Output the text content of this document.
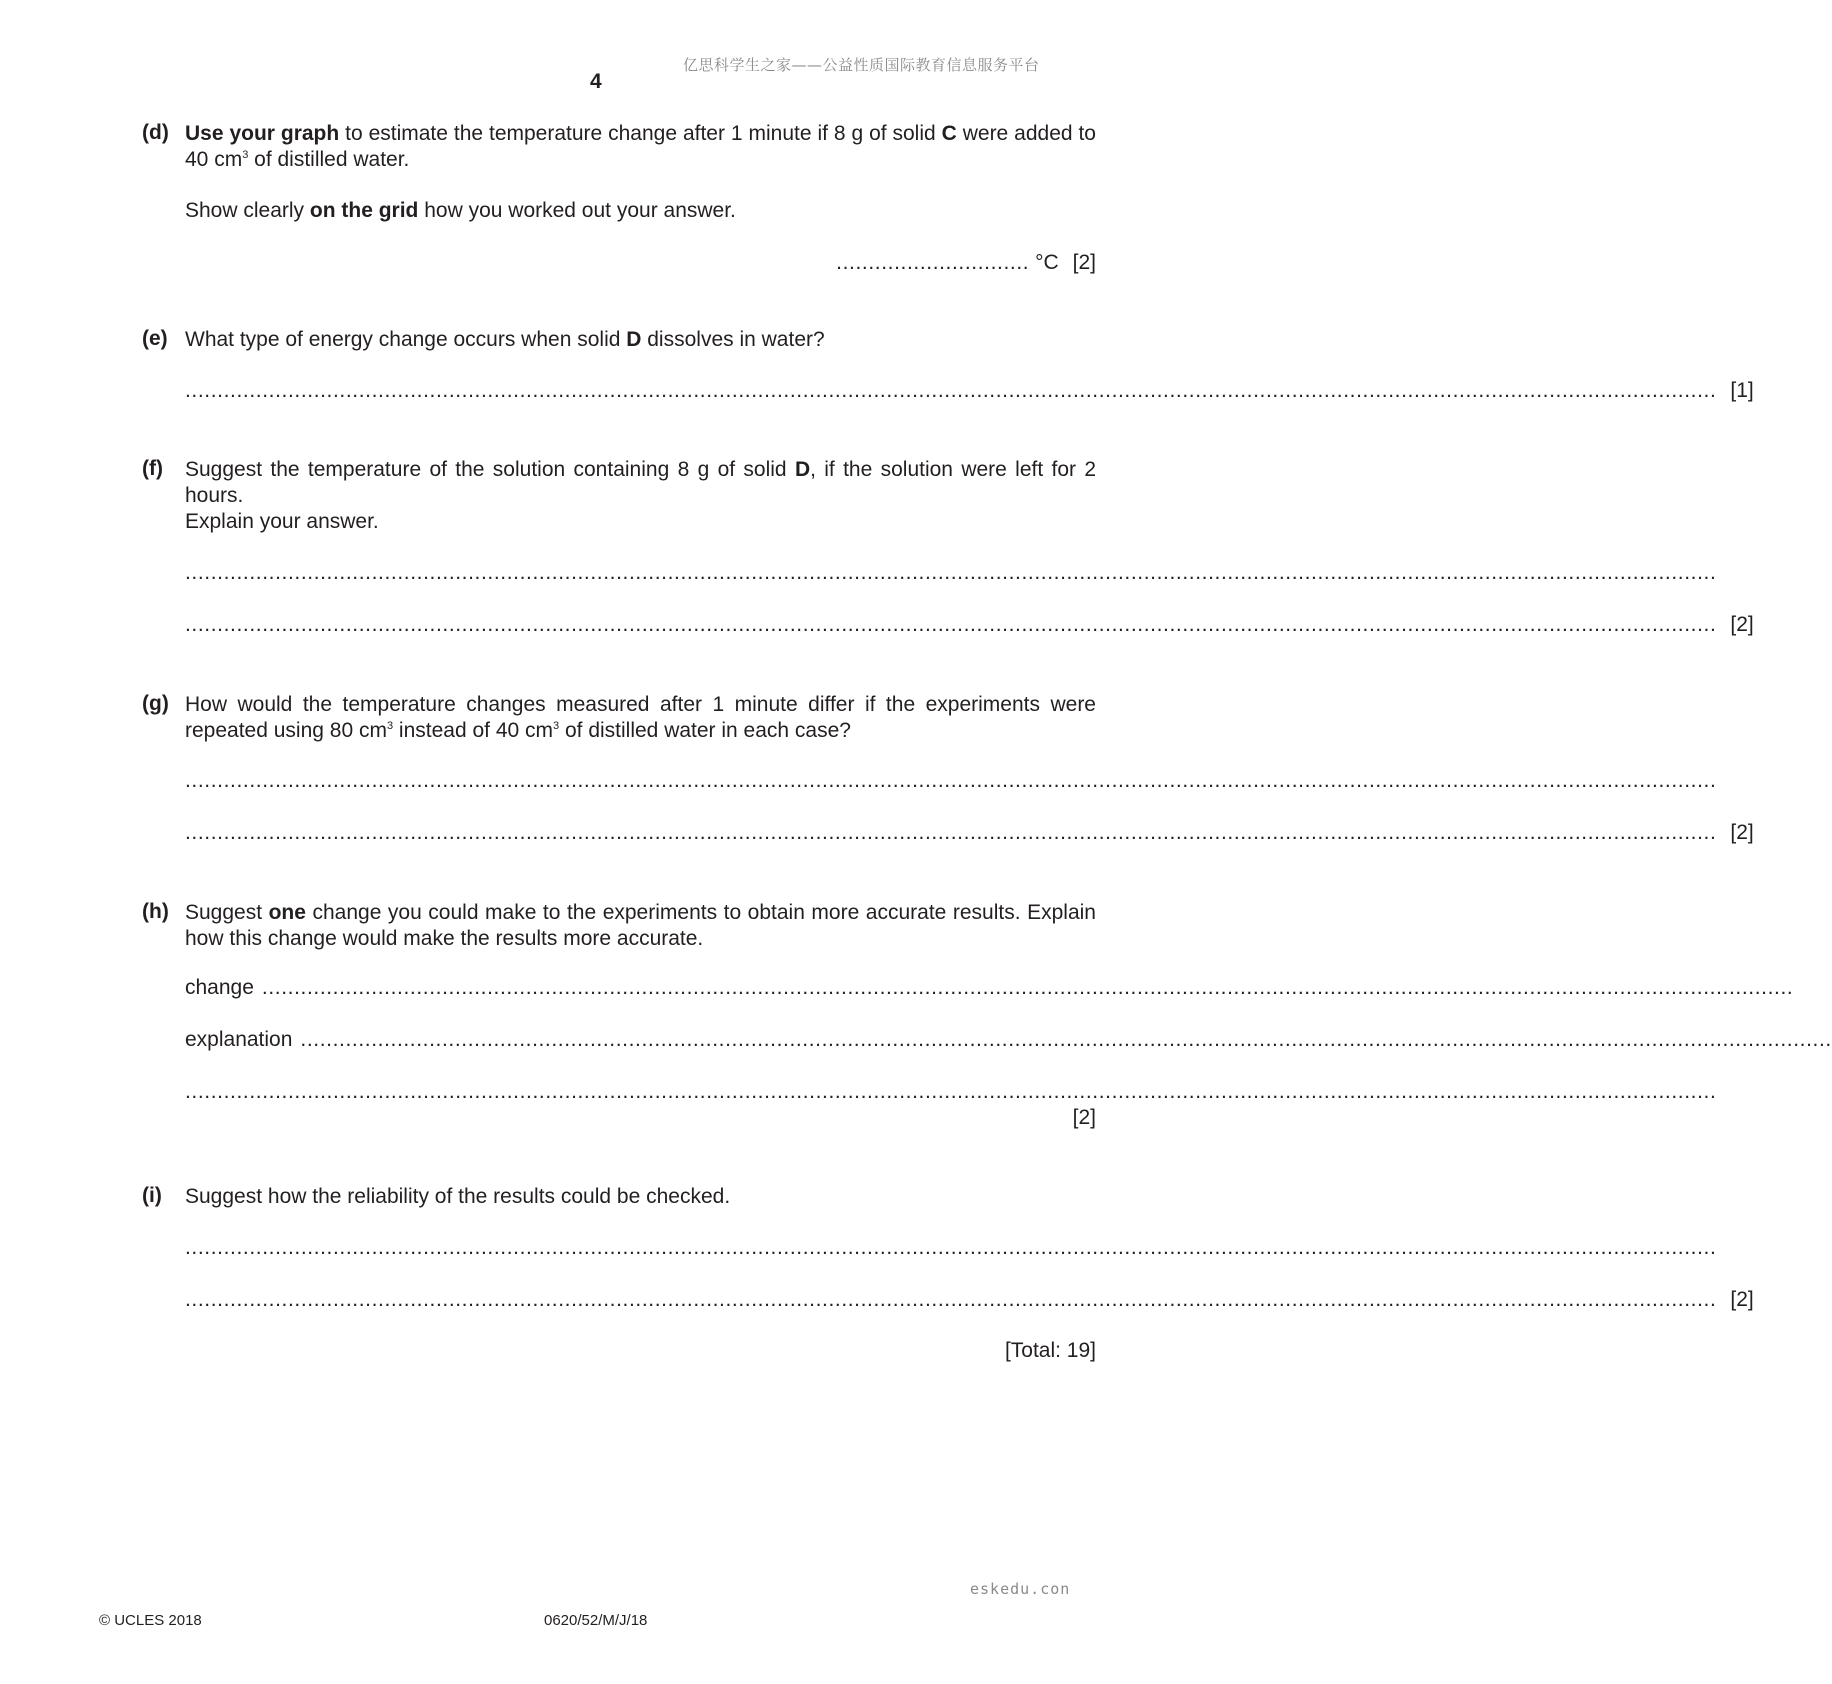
亿思科学生之家——公益性质国际教育信息服务平台
4
(d) Use your graph to estimate the temperature change after 1 minute if 8 g of solid C were added to 40 $cm^3$ of distilled water.
Show clearly on the grid how you worked out your answer.
.............................. °C [2]
(e) What type of energy change occurs when solid D dissolves in water?
.............................................................................................................................................................................................................................................. [1]
(f) Suggest the temperature of the solution containing 8 g of solid D, if the solution were left for 2 hours.
Explain your answer.
..............................................................................................................................................................................................................................................
.............................................................................................................................................................................................................................................. [2]
(g) How would the temperature changes measured after 1 minute differ if the experiments were repeated using 80 $cm^3$ instead of 40 $cm^3$ of distilled water in each case?
..............................................................................................................................................................................................................................................
.............................................................................................................................................................................................................................................. [2]
(h) Suggest one change you could make to the experiments to obtain more accurate results. Explain how this change would make the results more accurate.
change ..............................................................................................................................................................................................................................................
explanation ..............................................................................................................................................................................................................................................
..............................................................................................................................................................................................................................................
[2]
(i) Suggest how the reliability of the results could be checked.
..............................................................................................................................................................................................................................................
.............................................................................................................................................................................................................................................. [2]
[Total: 19]
eskedu.con
© UCLES 2018	0620/52/M/J/18
